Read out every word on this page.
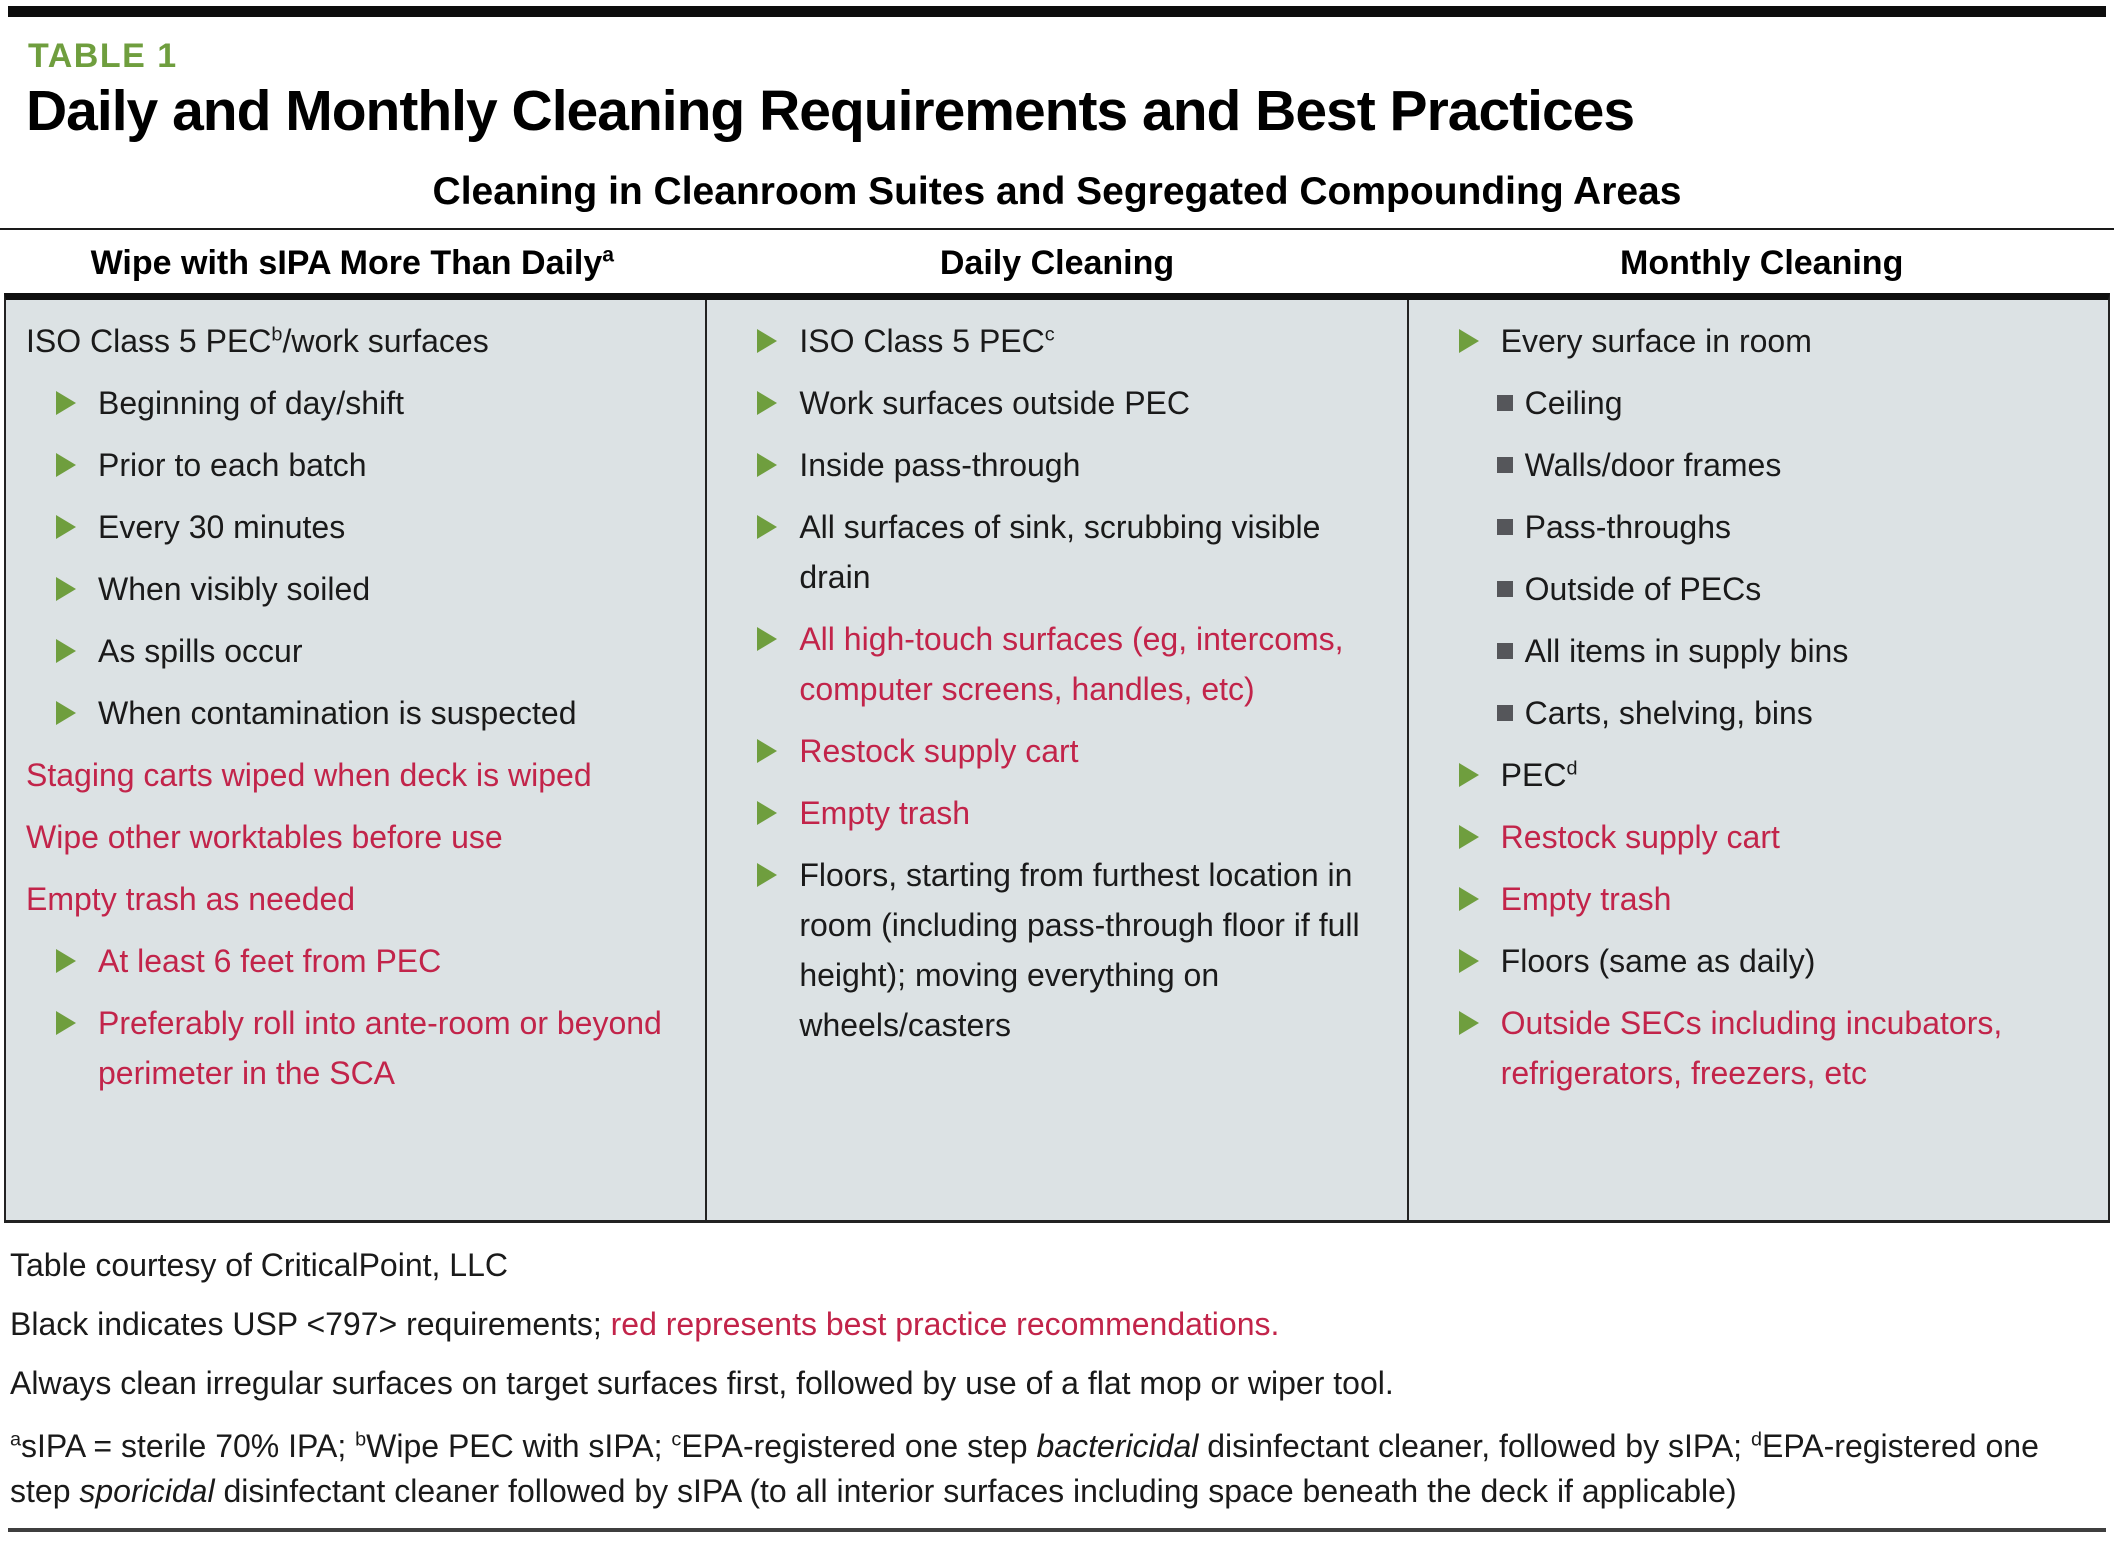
TABLE 1
Daily and Monthly Cleaning Requirements and Best Practices
Cleaning in Cleanroom Suites and Segregated Compounding Areas
Wipe with sIPA More Than Daily$^a$	Daily Cleaning	Monthly Cleaning
ISO Class 5 PEC$^b$/work surfaces
Beginning of day/shift
Prior to each batch
Every 30 minutes
When visibly soiled
As spills occur
When contamination is suspected
Staging carts wiped when deck is wiped
Wipe other worktables before use
Empty trash as needed
At least 6 feet from PEC
Preferably roll into ante-room or beyond perimeter in the SCA
ISO Class 5 PEC$^c$
Work surfaces outside PEC
Inside pass-through
All surfaces of sink, scrubbing visible drain
All high-touch surfaces (eg, intercoms, computer screens, handles, etc)
Restock supply cart
Empty trash
Floors, starting from furthest location in room (including pass-through floor if full height); moving everything on wheels/casters
Every surface in room
Ceiling
Walls/door frames
Pass-throughs
Outside of PECs
All items in supply bins
Carts, shelving, bins
PEC$^d$
Restock supply cart
Empty trash
Floors (same as daily)
Outside SECs including incubators, refrigerators, freezers, etc

Table courtesy of CriticalPoint, LLC

Black indicates USP <797> requirements; red represents best practice recommendations.

Always clean irregular surfaces on target surfaces first, followed by use of a flat mop or wiper tool.

$^a$sIPA = sterile 70% IPA; $^b$Wipe PEC with sIPA; $^c$EPA-registered one step bactericidal disinfectant cleaner, followed by sIPA; $^d$EPA-registered one step sporicidal disinfectant cleaner followed by sIPA (to all interior surfaces including space beneath the deck if applicable)
